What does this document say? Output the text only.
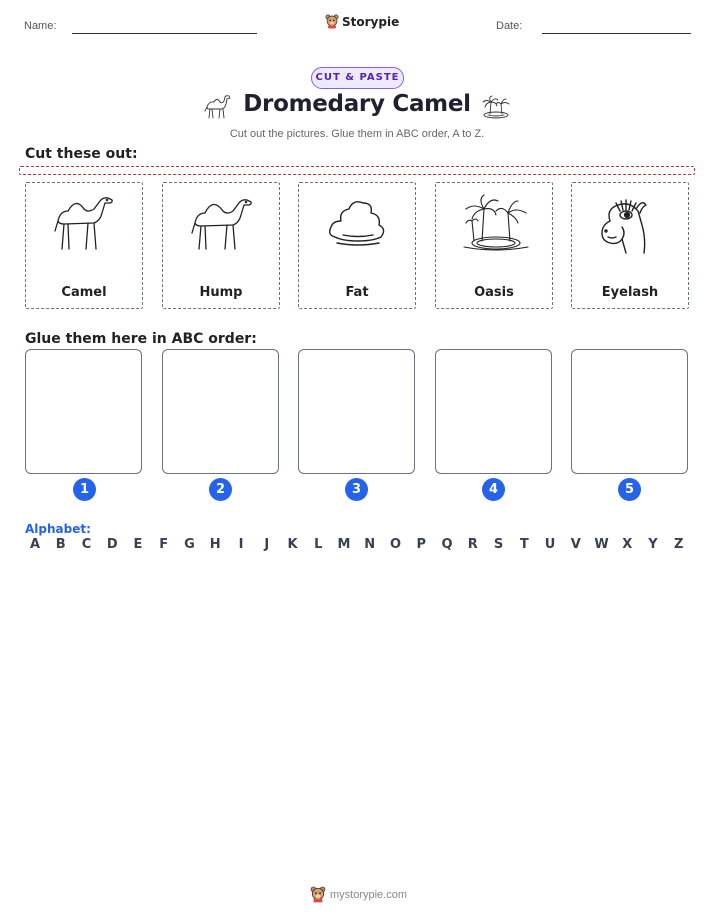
Name:	Storypie	Date:
CUT & PASTE
Dromedary Camel
Cut out the pictures. Glue them in ABC order, A to Z.
Cut these out:
Camel	Hump	Fat	Oasis	Eyelash
Glue them here in ABC order:
1	2	3	4	5
Alphabet:
A	B	C	D	E	F	G	H	I	J	K	L	M	N	O	P	Q	R	S	T	U	V	W	X	Y	Z
mystorypie.com
